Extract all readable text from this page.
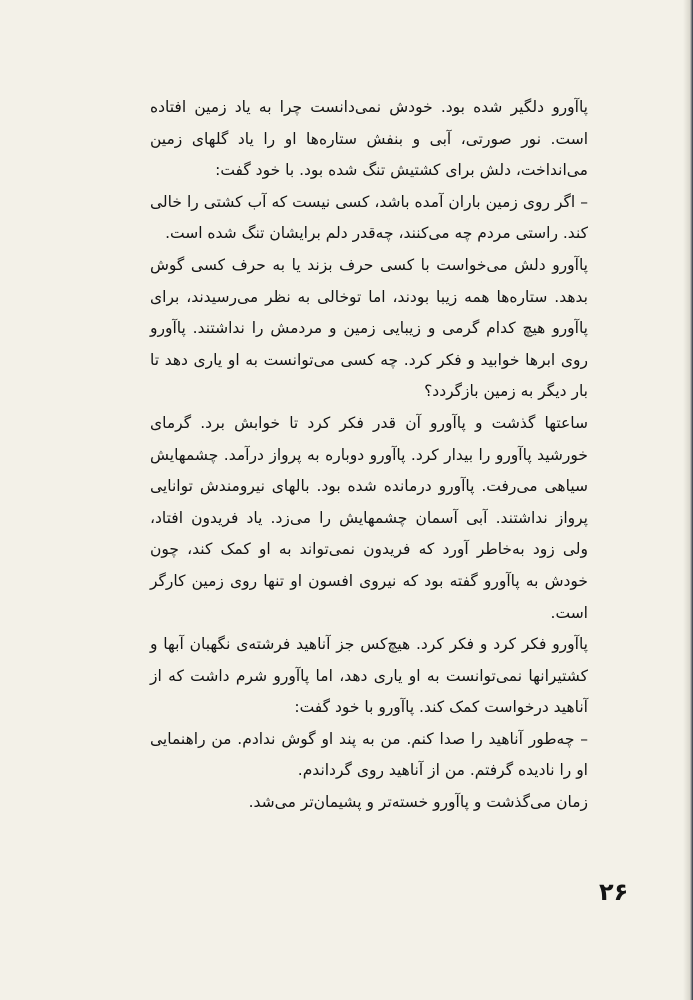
پاآورو دلگیر شده بود. خودش نمی‌دانست چرا به یاد زمین افتاده است. نور صورتی، آبی و بنفش ستاره‌ها او را یاد گلهای زمین می‌انداخت، دلش برای کشتیش تنگ شده بود. با خود گفت:

– اگر روی زمین باران آمده باشد، کسی نیست که آب کشتی را خالی کند. راستی مردم چه می‌کنند، چه‌قدر دلم برایشان تنگ شده است.

پاآورو دلش می‌خواست با کسی حرف بزند یا به حرف کسی گوش بدهد. ستاره‌ها همه زیبا بودند، اما توخالی به نظر می‌رسیدند، برای پاآورو هیچ کدام گرمی و زیبایی زمین و مردمش را نداشتند. پاآورو روی ابرها خوابید و فکر کرد. چه کسی می‌توانست به او یاری دهد تا بار دیگر به زمین بازگردد؟

ساعتها گذشت و پاآورو آن قدر فکر کرد تا خوابش برد. گرمای خورشید پاآورو را بیدار کرد. پاآورو دوباره به پرواز درآمد. چشمهایش سیاهی می‌رفت. پاآورو درمانده شده بود. بالهای نیرومندش توانایی پرواز نداشتند. آبی آسمان چشمهایش را می‌زد. یاد فریدون افتاد، ولی زود به‌خاطر آورد که فریدون نمی‌تواند به او کمک کند، چون خودش به پاآورو گفته بود که نیروی افسون او تنها روی زمین کارگر است.

پاآورو فکر کرد و فکر کرد. هیچ‌کس جز آناهید فرشته‌ی نگهبان آبها و کشتیرانها نمی‌توانست به او یاری دهد، اما پاآورو شرم داشت که از آناهید درخواست کمک کند. پاآورو با خود گفت:

– چه‌طور آناهید را صدا کنم. من به پند او گوش ندادم. من راهنمایی او را نادیده گرفتم. من از آناهید روی گرداندم.

زمان می‌گذشت و پاآورو خسته‌تر و پشیمان‌تر می‌شد.

۲۶
